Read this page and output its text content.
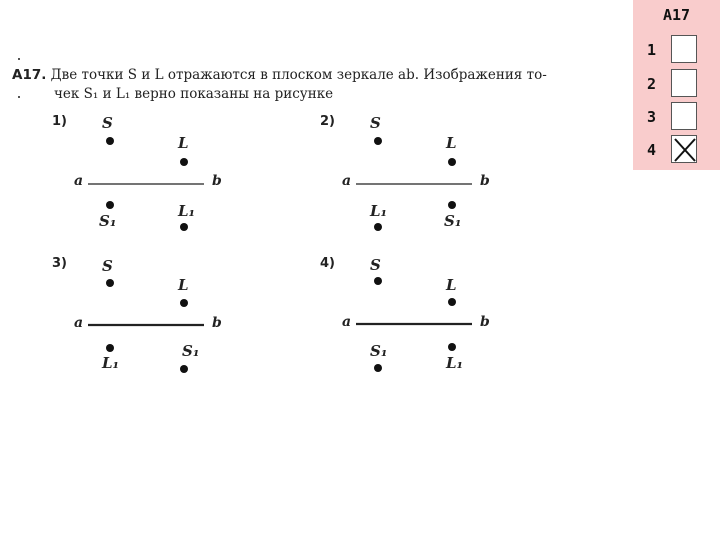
A17. Две точки S и L отражаются в плоском зеркале ab. Изображения то-
чек S₁ и L₁ верно показаны на рисунке
1) S
L
S₁
L₁
a	b
2) S
L
L₁
S₁
a	b
3) S
L
L₁
S₁
a	b
4) S
L
S₁
L₁
a	b
A17
1
2
3
4
